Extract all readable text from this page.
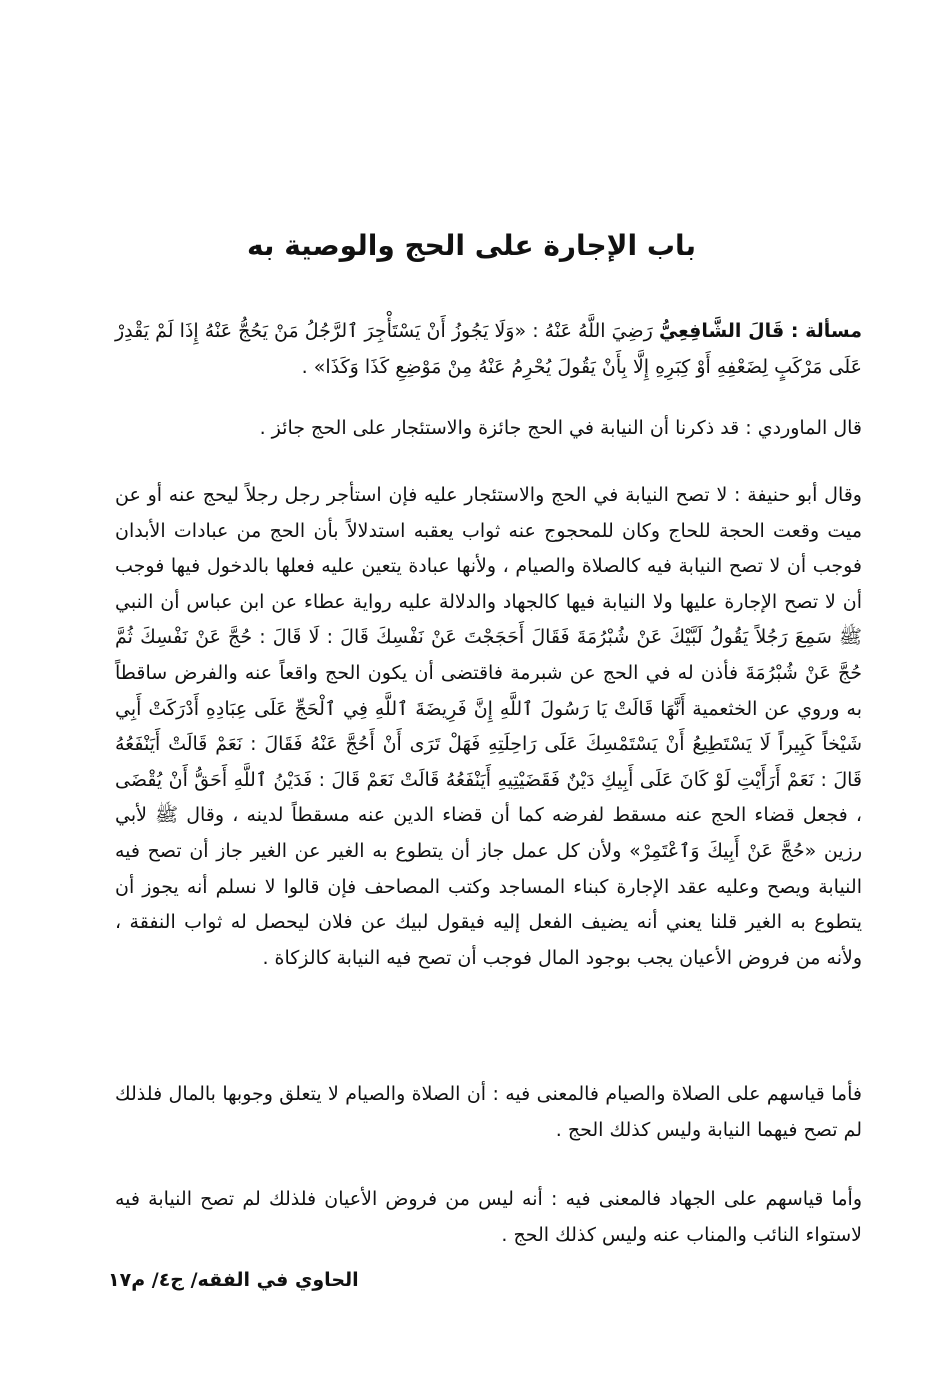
باب الإجارة على الحج والوصية به

مسألة : قَالَ الشَّافِعِيُّ رَضِيَ اللَّهُ عَنْهُ : «وَلَا يَجُوزُ أَنْ يَسْتَأْجِرَ ٱلرَّجُلُ مَنْ يَحُجُّ عَنْهُ إِذَا لَمْ يَقْدِرْ عَلَى مَرْكَبٍ لِضَعْفِهِ أَوْ كِبَرِهِ إِلَّا بِأَنْ يَقُولَ يُحْرِمُ عَنْهُ مِنْ مَوْضِعِ كَذَا وَكَذَا» .

قال الماوردي : قد ذكرنا أن النيابة في الحج جائزة والاستئجار على الحج جائز .

وقال أبو حنيفة : لا تصح النيابة في الحج والاستئجار عليه فإن استأجر رجل رجلاً ليحج عنه أو عن ميت وقعت الحجة للحاج وكان للمحجوج عنه ثواب يعقبه استدلالاً بأن الحج من عبادات الأبدان فوجب أن لا تصح النيابة فيه كالصلاة والصيام ، ولأنها عبادة يتعين عليه فعلها بالدخول فيها فوجب أن لا تصح الإجارة عليها ولا النيابة فيها كالجهاد والدلالة عليه رواية عطاء عن ابن عباس أن النبي ﷺ سَمِعَ رَجُلاً يَقُولُ لَبَّيْكَ عَنْ شُبْرُمَةَ فَقَالَ أَحَجَجْتَ عَنْ نَفْسِكَ قَالَ : لَا قَالَ : حُجَّ عَنْ نَفْسِكَ ثُمَّ حُجَّ عَنْ شُبْرُمَةَ فأذن له في الحج عن شبرمة فاقتضى أن يكون الحج واقعاً عنه والفرض ساقطاً به وروي عن الخثعمية أَنَّهَا قَالَتْ يَا رَسُولَ ٱللَّهِ إِنَّ فَرِيضَةَ ٱللَّهِ فِي ٱلْحَجِّ عَلَى عِبَادِهِ أَدْرَكَتْ أَبِي شَيْخاً كَبِيراً لَا يَسْتَطِيعُ أَنْ يَسْتَمْسِكَ عَلَى رَاحِلَتِهِ فَهَلْ تَرَى أَنْ أَحُجَّ عَنْهُ فَقَالَ : نَعَمْ قَالَتْ أَيَنْفَعُهُ قَالَ : نَعَمْ أَرَأَيْتِ لَوْ كَانَ عَلَى أَبِيكِ دَيْنٌ فَقَضَيْتِيهِ أَيَنْفَعُهُ قَالَتْ نَعَمْ قَالَ : فَدَيْنُ ٱللَّهِ أَحَقُّ أَنْ يُقْضَى ، فجعل قضاء الحج عنه مسقط لفرضه كما أن قضاء الدين عنه مسقطاً لدينه ، وقال ﷺ لأبي رزين «حُجَّ عَنْ أَبِيكَ وَٱعْتَمِرْ» ولأن كل عمل جاز أن يتطوع به الغير عن الغير جاز أن تصح فيه النيابة ويصح وعليه عقد الإجارة كبناء المساجد وكتب المصاحف فإن قالوا لا نسلم أنه يجوز أن يتطوع به الغير قلنا يعني أنه يضيف الفعل إليه فيقول لبيك عن فلان ليحصل له ثواب النفقة ، ولأنه من فروض الأعيان يجب بوجود المال فوجب أن تصح فيه النيابة كالزكاة .

فأما قياسهم على الصلاة والصيام فالمعنى فيه : أن الصلاة والصيام لا يتعلق وجوبها بالمال فلذلك لم تصح فيهما النيابة وليس كذلك الحج .

وأما قياسهم على الجهاد فالمعنى فيه : أنه ليس من فروض الأعيان فلذلك لم تصح النيابة فيه لاستواء النائب والمناب عنه وليس كذلك الحج .

الحاوي في الفقه/ ج٤/ م١٧
